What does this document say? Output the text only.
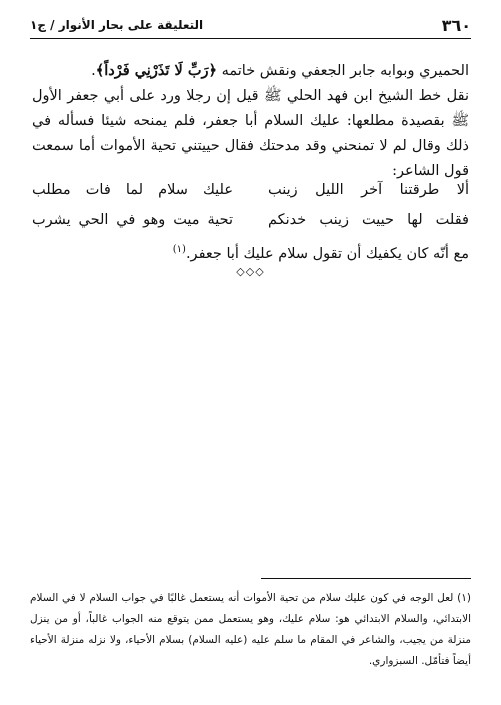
٣٦٠
التعليقة على بحار الأنوار / ج١

الحميري وبوابه جابر الجعفي ونقش خاتمه ﴿رَبِّ لَا تَذَرْنِي فَرْداً﴾.

نقل خط الشيخ ابن فهد الحلي ﷺ قيل إن رجلا ورد على أبي جعفر الأول ﷺ بقصيدة مطلعها: عليك السلام أبا جعفر، فلم يمنحه شيئا فسأله في ذلك وقال لم لا تمنحني وقد مدحتك فقال حييتني تحية الأموات أما سمعت قول الشاعر:

ألا طرقتنا آخر الليل زينب
عليك سلام لما فات مطلب
فقلت لها حييت زينب خدنكم
تحية ميت وهو في الحي يشرب
مع أنّه كان يكفيك أن تقول سلام عليك أبا جعفر.$^{(١)}$
◇◇◇

(١) لعل الوجه في كون عليك سلام من تحية الأموات أنه يستعمل غالبًا في جواب السلام لا في السلام الابتدائي، والسلام الابتدائي هو: سلام عليك، وهو يستعمل ممن يتوقع منه الجواب غالباً، أو من ينزل منزلة من يجيب، والشاعر في المقام ما سلم عليه (عليه السلام) بسلام الأحياء، ولا نزله منزلة الأحياء أيضاً فتأمّل. السبزواري.
